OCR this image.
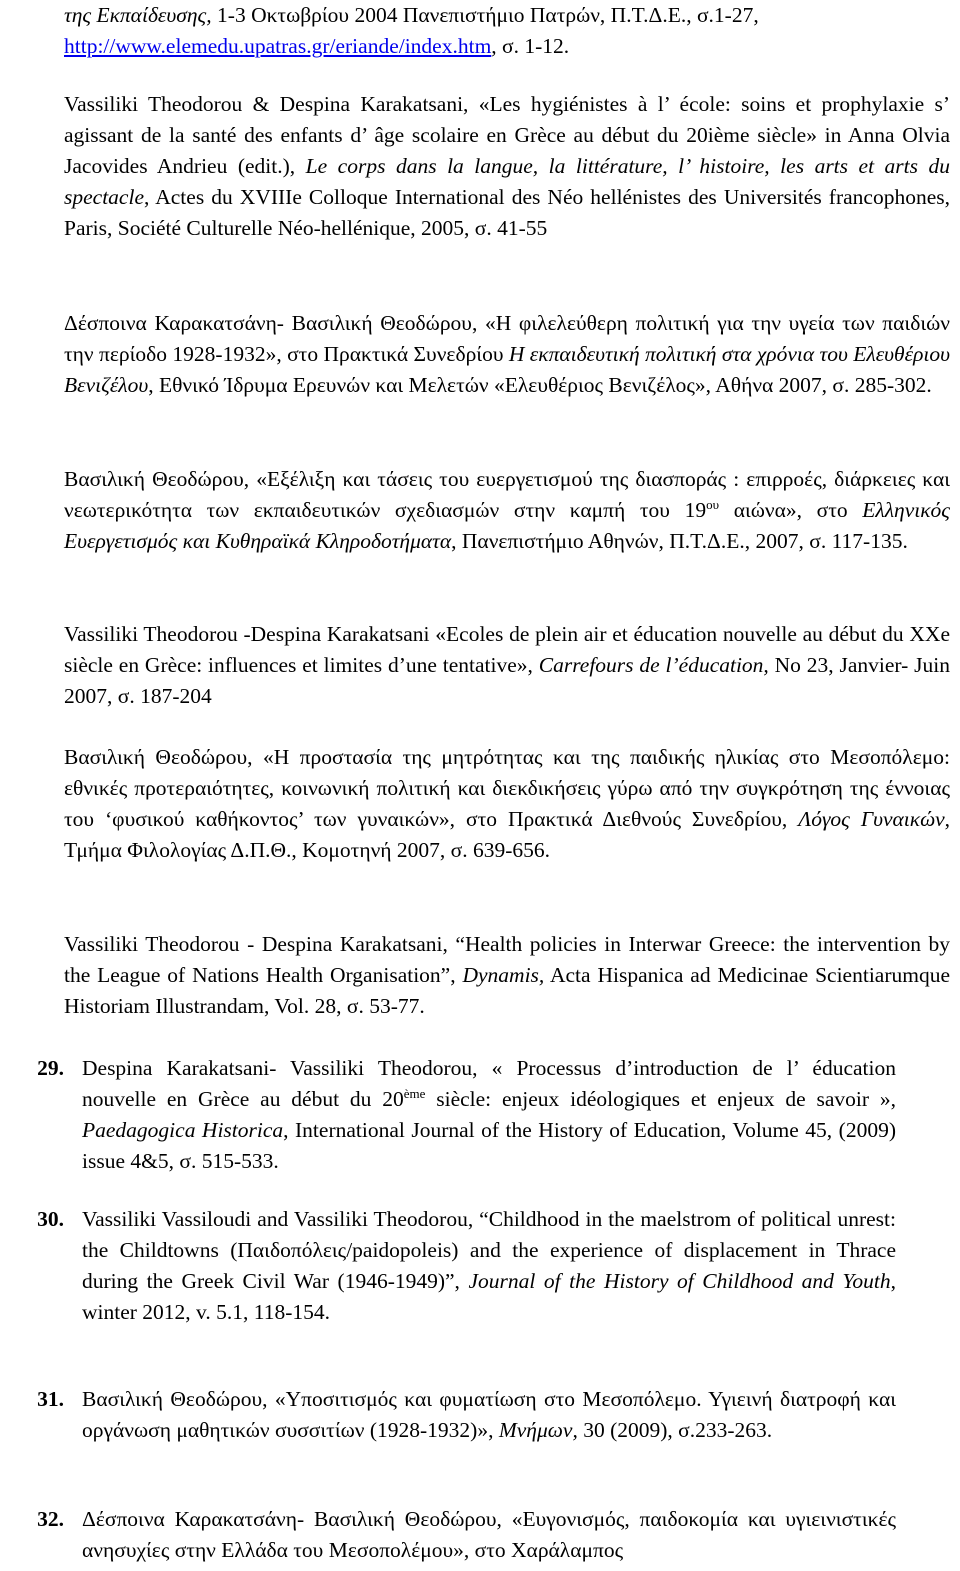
της Εκπαίδευσης, 1-3 Οκτωβρίου 2004 Πανεπιστήμιο Πατρών, Π.Τ.Δ.Ε., σ.1-27,
http://www.elemedu.upatras.gr/eriande/index.htm, σ. 1-12.
Vassiliki Theodorou & Despina Karakatsani, «Les hygiénistes à l’ école: soins et prophylaxie s’ agissant de la santé des enfants d’ âge scolaire en Grèce au début du 20ième siècle» in Anna Olvia Jacovides Andrieu (edit.), Le corps dans la langue, la littérature, l’ histoire, les arts et arts du spectacle, Actes du XVIIIe Colloque International des Néo hellénistes des Universités francophones, Paris, Société Culturelle Néo-hellénique, 2005, σ. 41-55
Δέσποινα Καρακατσάνη- Βασιλική Θεοδώρου, «Η φιλελεύθερη πολιτική για την υγεία των παιδιών την περίοδο 1928-1932», στο Πρακτικά Συνεδρίου Η εκπαιδευτική πολιτική στα χρόνια του Ελευθέριου Βενιζέλου, Εθνικό Ίδρυμα Ερευνών και Μελετών «Ελευθέριος Βενιζέλος», Αθήνα 2007, σ. 285-302.
Βασιλική Θεοδώρου, «Εξέλιξη και τάσεις του ευεργετισμού της διασποράς : επιρροές, διάρκειες και νεωτερικότητα των εκπαιδευτικών σχεδιασμών στην καμπή του $19^{o\upsilon}$ αιώνα», στο Ελληνικός Ευεργετισμός και Κυθηραϊκά Κληροδοτήματα, Πανεπιστήμιο Αθηνών, Π.Τ.Δ.Ε., 2007, σ. 117-135.
Vassiliki Theodorou -Despina Karakatsani «Ecoles de plein air et éducation nouvelle au début du XXe siècle en Grèce: influences et limites d’une tentative», Carrefours de l’éducation, No 23, Janvier- Juin 2007, σ. 187-204
Βασιλική Θεοδώρου, «Η προστασία της μητρότητας και της παιδικής ηλικίας στο Μεσοπόλεμο: εθνικές προτεραιότητες, κοινωνική πολιτική και διεκδικήσεις γύρω από την συγκρότηση της έννοιας του ‘φυσικού καθήκοντος’ των γυναικών», στο Πρακτικά Διεθνούς Συνεδρίου, Λόγος Γυναικών, Τμήμα Φιλολογίας Δ.Π.Θ., Κομοτηνή 2007, σ. 639-656.
Vassiliki Theodorou - Despina Karakatsani, “Health policies in Interwar Greece: the intervention by the League of Nations Health Organisation”, Dynamis, Acta Hispanica ad Medicinae Scientiarumque Historiam Illustrandam, Vol. 28, σ. 53-77.
29. Despina Karakatsani- Vassiliki Theodorou, « Processus d’introduction de l’ éducation nouvelle en Grèce au début du 20ème siècle: enjeux idéologiques et enjeux de savoir », Paedagogica Historica, International Journal of the History of Education, Volume 45, (2009) issue 4&5, σ. 515-533.
30. Vassiliki Vassiloudi and Vassiliki Theodorou, “Childhood in the maelstrom of political unrest: the Childtowns (Παιδοπόλεις/paidopoleis) and the experience of displacement in Thrace during the Greek Civil War (1946-1949)”, Journal of the History of Childhood and Youth, winter 2012, v. 5.1, 118-154.
31. Βασιλική Θεοδώρου, «Υποσιτισμός και φυματίωση στο Μεσοπόλεμο. Υγιεινή διατροφή και οργάνωση μαθητικών συσσιτίων (1928-1932)», Μνήμων, 30 (2009), σ.233-263.
32. Δέσποινα Καρακατσάνη- Βασιλική Θεοδώρου, «Ευγονισμός, παιδοκομία και υγιεινιστικές ανησυχίες στην Ελλάδα του Μεσοπολέμου», στο Χαράλαμπος
